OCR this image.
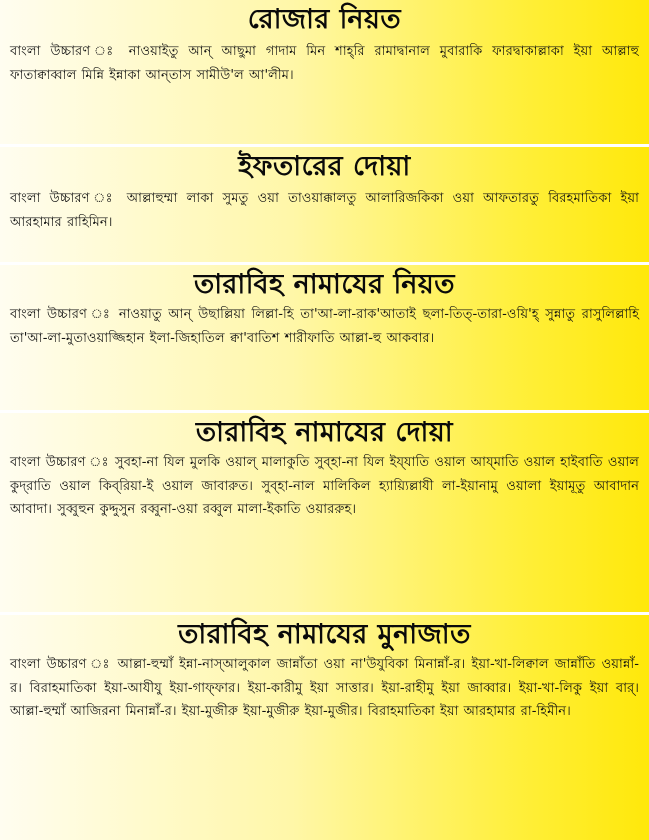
রোজার নিয়ত
বাংলা উচ্চারণ ঃ নাওয়াইতু আন্‌ আছুমা গাদাম মিন শাহ্‌রি রামাদ্বানাল মুবারাকি ফারদ্বাকাল্লাকা ইয়া আল্লাহু ফাতাক্বাব্বাল মিন্নি ইন্নাকা আন্‌তাস সামীউ'ল আ'লীম।
ইফতারের দোয়া
বাংলা উচ্চারণ ঃ আল্লাহুম্মা লাকা সুমতু ওয়া তাওয়াক্কালতু আলারিজকিকা ওয়া আফতারতু বিরহমাতিকা ইয়া আরহামার রাহিমিন।
তারাবিহ নামাযের নিয়ত
বাংলা উচ্চারণ ঃ নাওয়াতু আন্‌ উছাল্লিয়া লিল্লা-হি তা'আ-লা-রাক'আতাই ছলা-তিত্‌-তারা-ওয়ি'হ্‌ সুন্নাতু রাসুলিল্লাহি তা'আ-লা-মুতাওয়াজ্জিহান ইলা-জিহাতিল ক্বা'বাতিশ শারীফাতি আল্লা-হু আকবার।
তারাবিহ নামাযের দোয়া
বাংলা উচ্চারণ ঃ সুবহা-না যিল মুলকি ওয়াল্‌ মালাকুতি সুব্‌হা-না যিল ইয্‌যাতি ওয়াল আয্‌মাতি ওয়াল হাইবাতি ওয়াল কুদ্‌রাতি ওয়াল কিব্‌রিয়া-ই ওয়াল জাবারুত। সুব্‌হা-নাল মালিকিল হ্যায়্যিল্লাযী লা-ইয়ানামু ওয়ালা ইয়ামূতু আবাদান আবাদা। সুব্বুহুন কুদ্দুসুন রব্বুনা-ওয়া রব্বুল মালা-ইকাতি ওয়াররুহ।
তারাবিহ নামাযের মুনাজাত
বাংলা উচ্চারণ ঃ আল্লা-হুম্মাঁ ইন্না-নাস্‌আলুকাল জান্নাঁতা ওয়া না'উযুবিকা মিনান্নাঁ-র। ইয়া-খা-লিক্বাল জান্নাঁতি ওয়ান্নাঁ-র। বিরাহমাতিকা ইয়া-আযীযু ইয়া-গাফ্‌ফার। ইয়া-কারীমু ইয়া সাত্তার। ইয়া-রাহীমু ইয়া জাব্বার। ইয়া-খা-লিকু ইয়া বার্‌। আল্লা-হুম্মাঁ আজিরনা মিনান্নাঁ-র। ইয়া-মুজীরু ইয়া-মুজীরু ইয়া-মুজীর। বিরাহমাতিকা ইয়া আরহামার রা-হিমীন।
